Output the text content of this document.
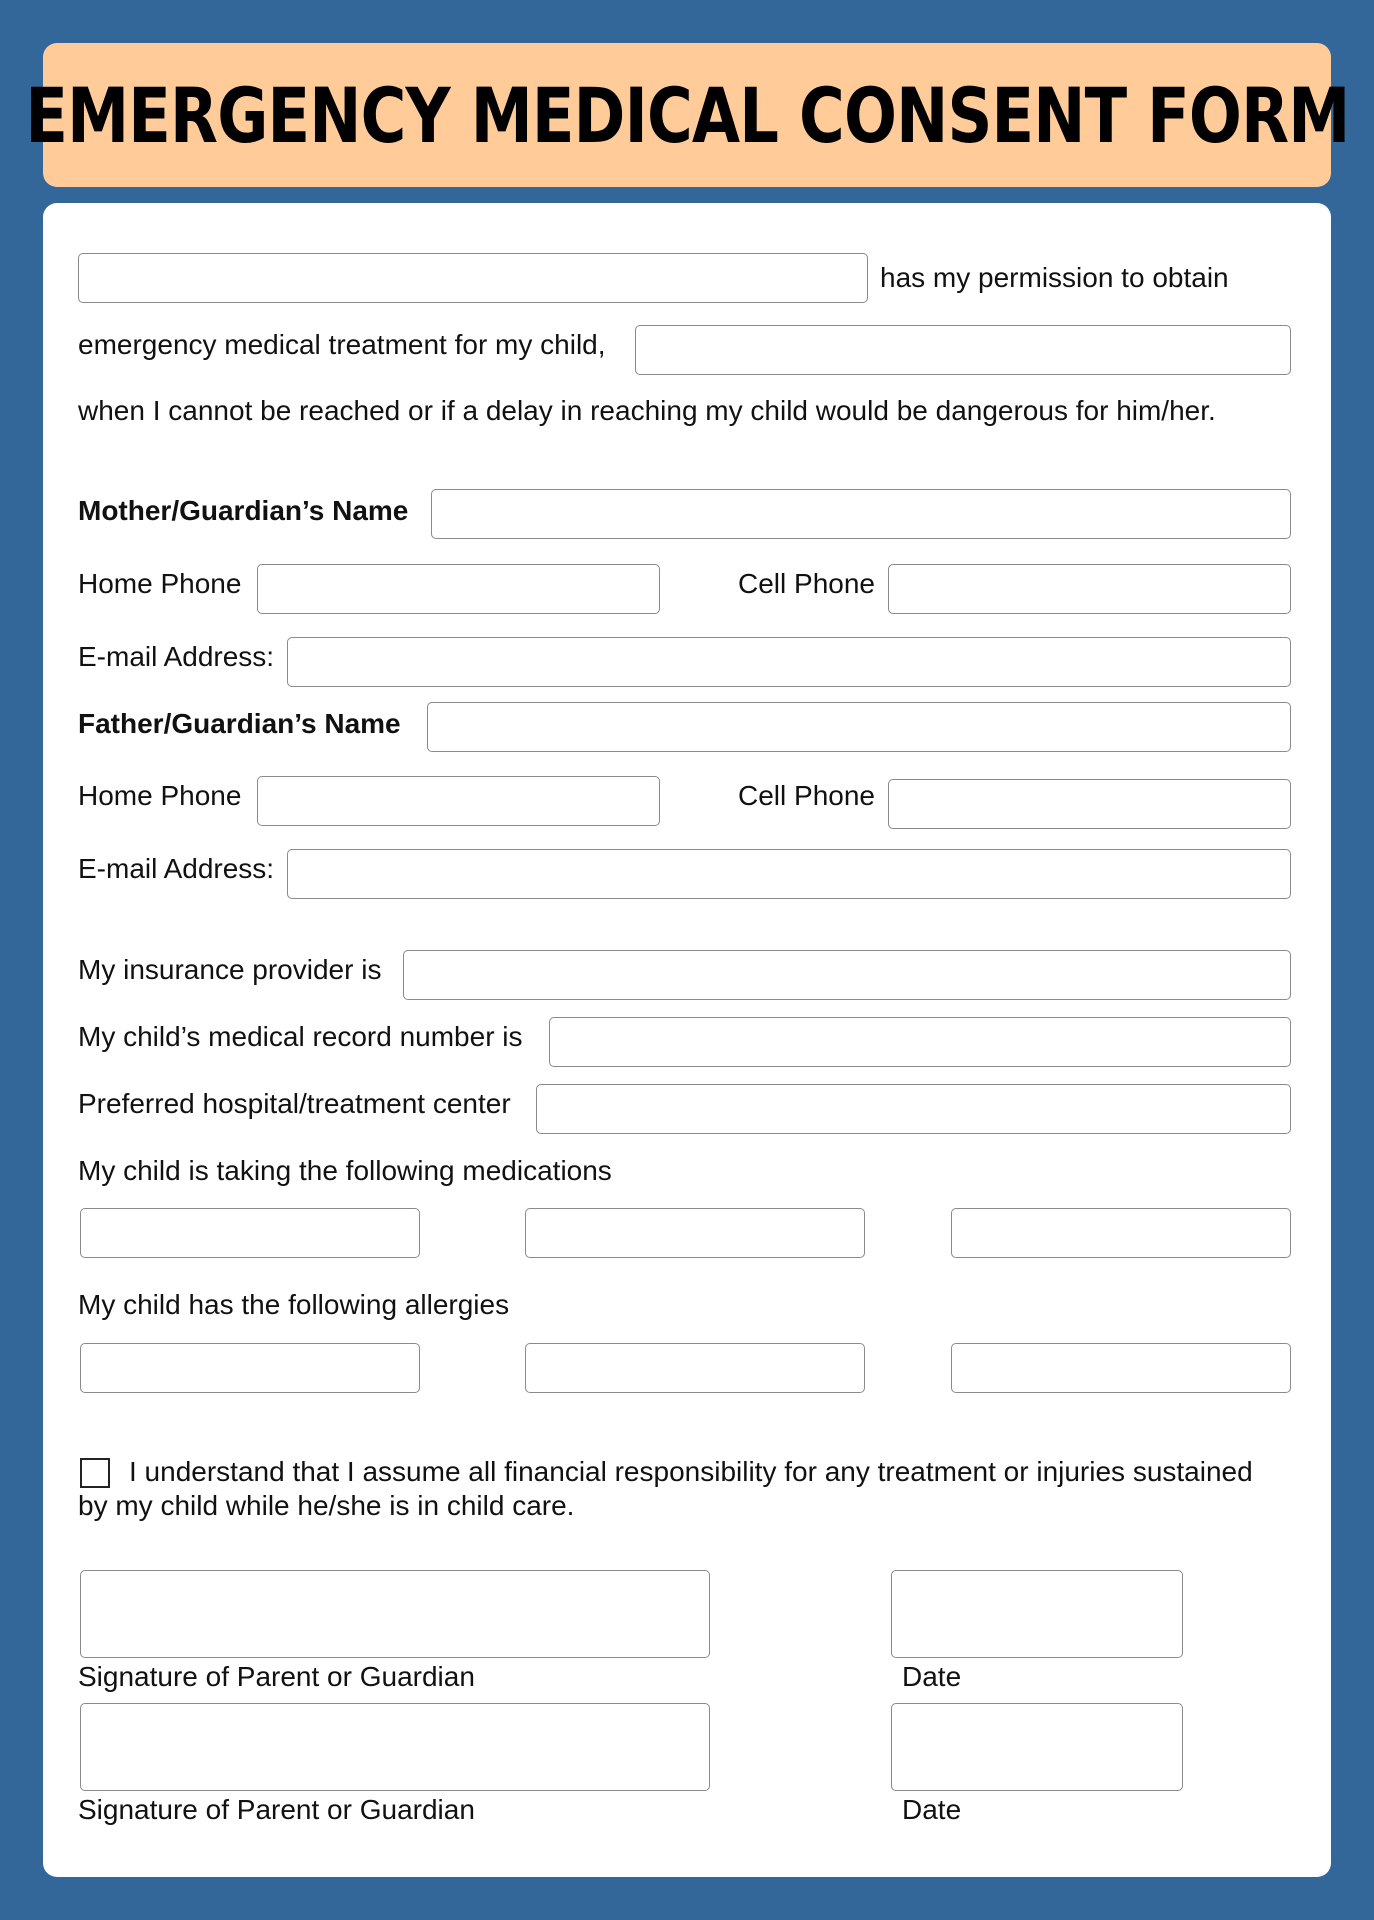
EMERGENCY MEDICAL CONSENT FORM
has my permission to obtain
emergency medical treatment for my child,
when I cannot be reached or if a delay in reaching my child would be dangerous for him/her.
Mother/Guardian’s Name
Home Phone	Cell Phone
E-mail Address:
Father/Guardian’s Name
Home Phone	Cell Phone
E-mail Address:
My insurance provider is
My child’s medical record number is
Preferred hospital/treatment center
My child is taking the following medications
My child has the following allergies
I understand that I assume all financial responsibility for any treatment or injuries sustained
by my child while he/she is in child care.
Signature of Parent or Guardian	Date
Signature of Parent or Guardian	Date
